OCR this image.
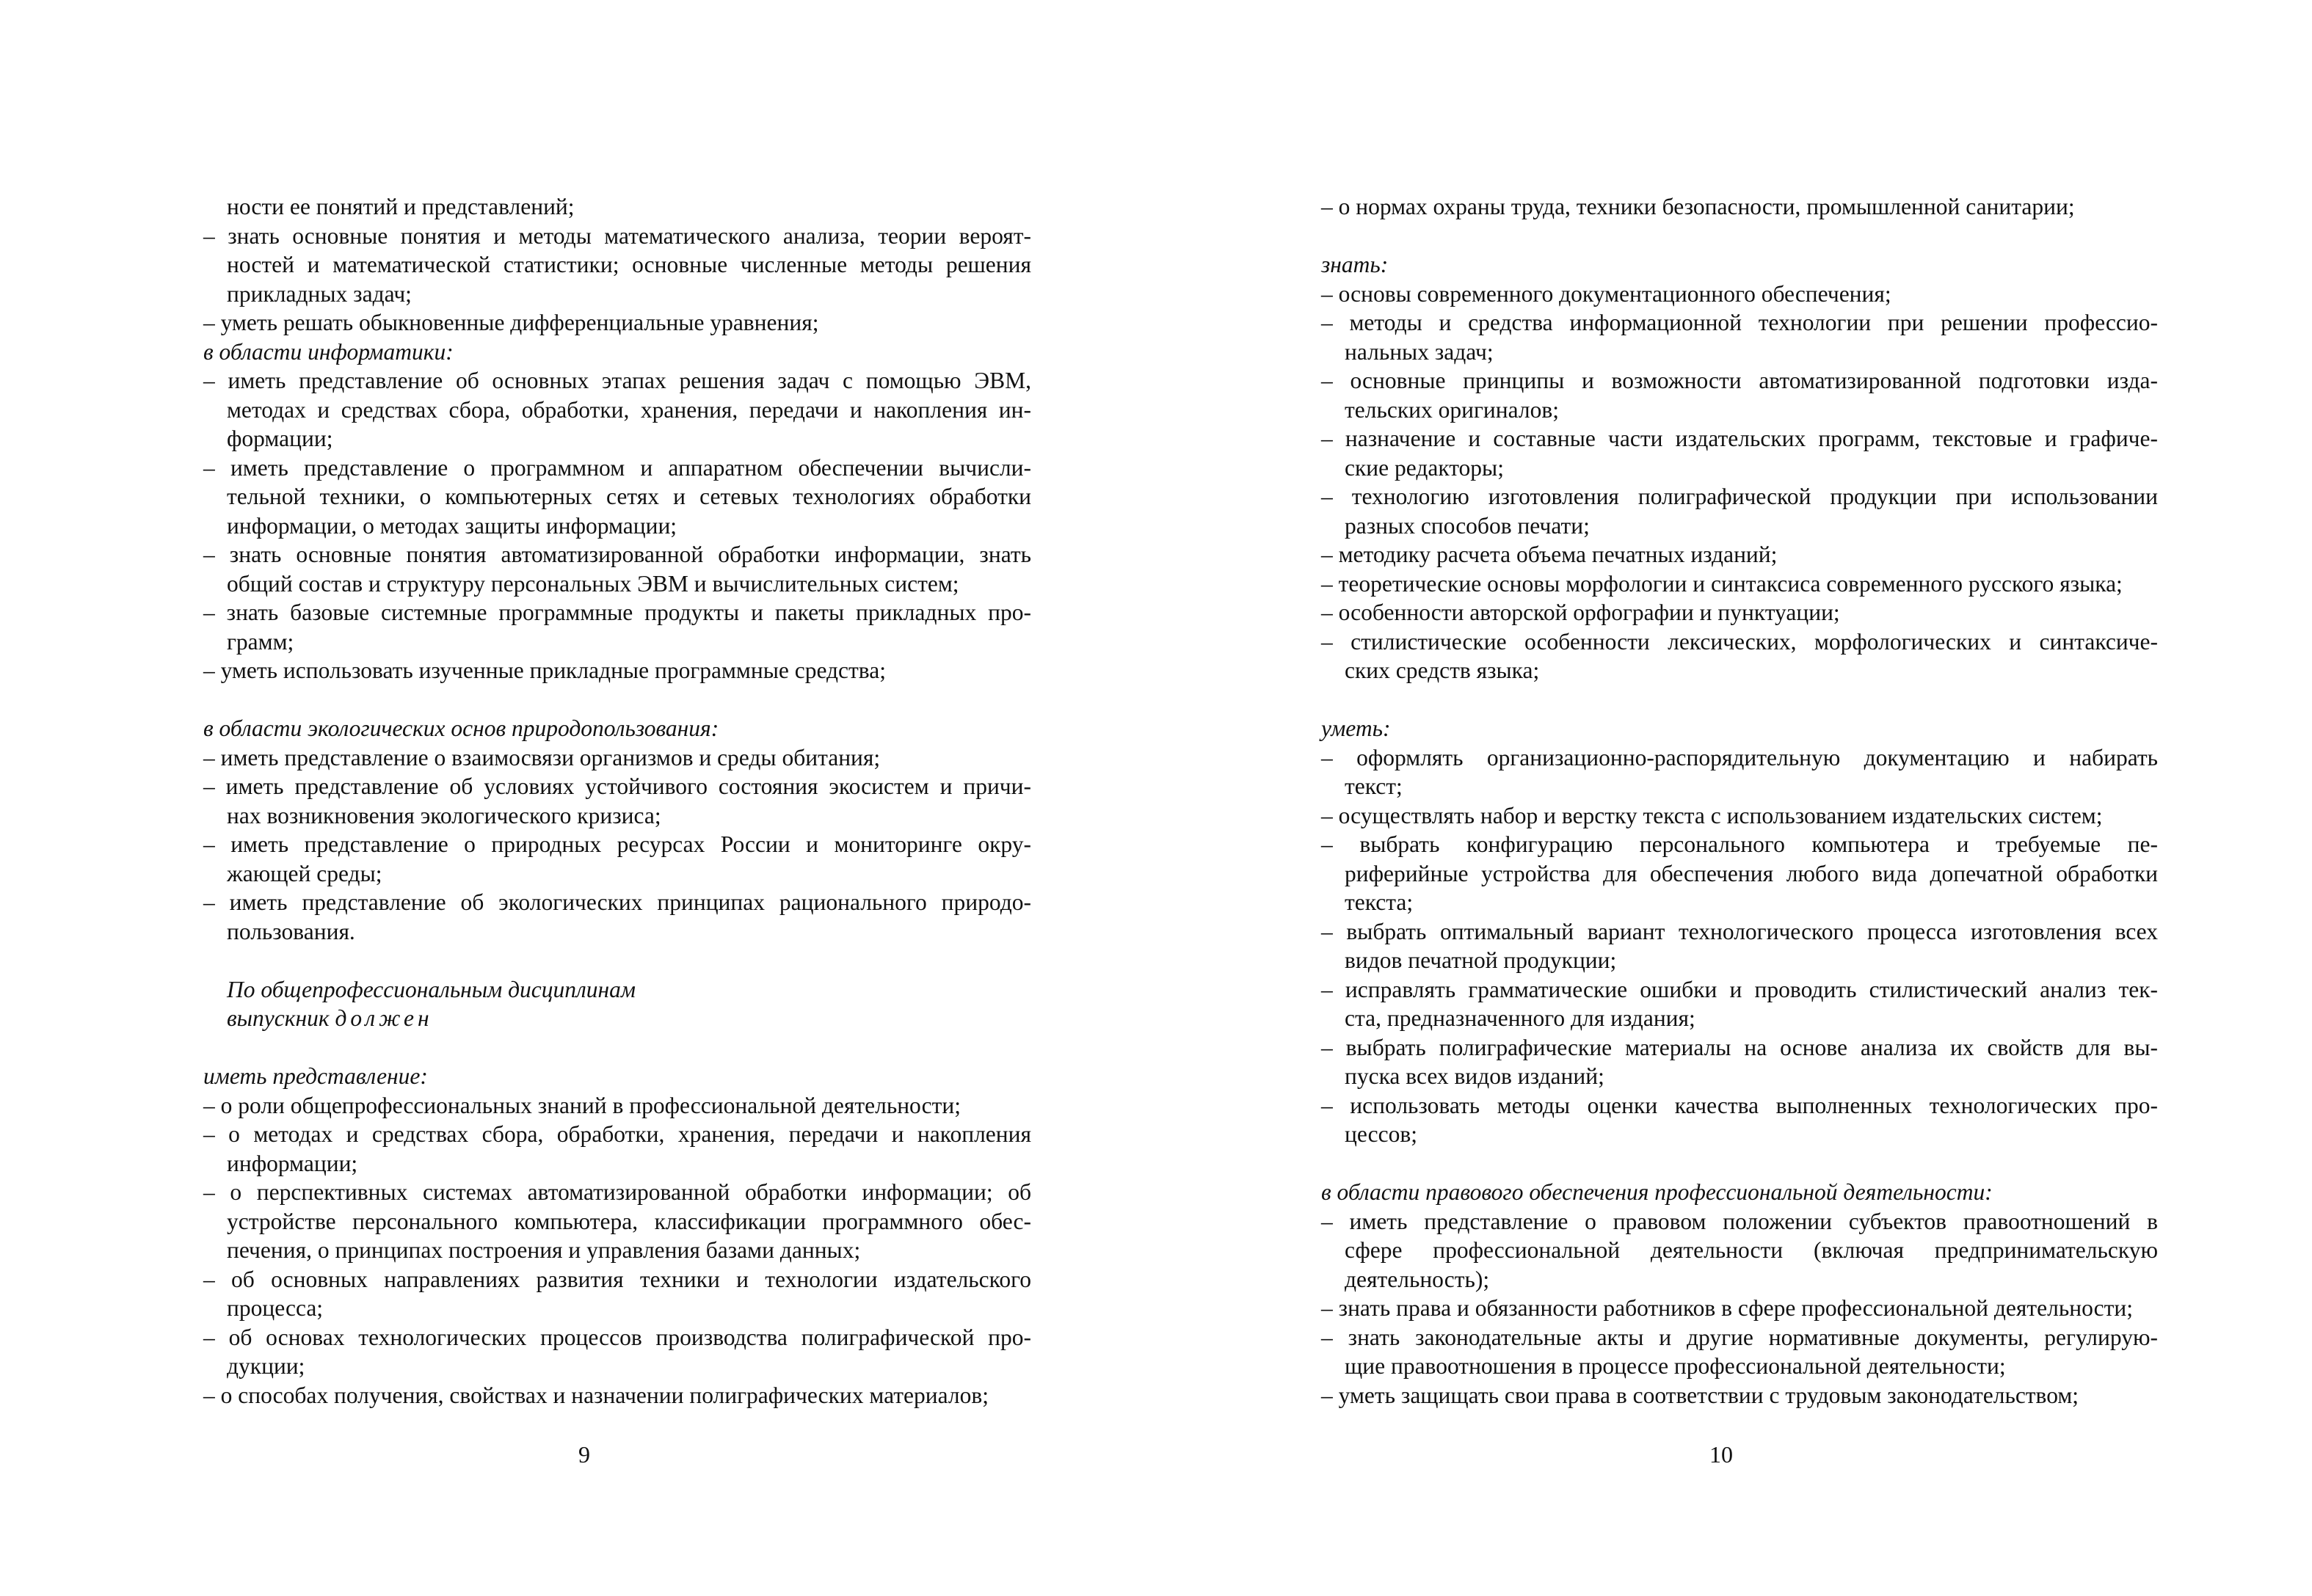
ности ее понятий и представлений;
– знать основные понятия и методы математического анализа, теории вероят-
ностей и математической статистики; основные численные методы решения
прикладных задач;
– уметь решать обыкновенные дифференциальные уравнения;
в области информатики:
– иметь представление об основных этапах решения задач с помощью ЭВМ,
методах и средствах сбора, обработки, хранения, передачи и накопления ин-
формации;
– иметь представление о программном и аппаратном обеспечении вычисли-
тельной техники, о компьютерных сетях и сетевых технологиях обработки
информации, о методах защиты информации;
– знать основные понятия автоматизированной обработки информации, знать
общий состав и структуру персональных ЭВМ и вычислительных систем;
– знать базовые системные программные продукты и пакеты прикладных про-
грамм;
– уметь использовать изученные прикладные программные средства;
в области экологических основ природопользования:
– иметь представление о взаимосвязи организмов и среды обитания;
– иметь представление об условиях устойчивого состояния экосистем и причи-
нах возникновения экологического кризиса;
– иметь представление о природных ресурсах России и мониторинге окру-
жающей среды;
– иметь представление об экологических принципах рационального природо-
пользования.
По общепрофессиональным дисциплинам
выпускник должен
иметь представление:
– о роли общепрофессиональных знаний в профессиональной деятельности;
– о методах и средствах сбора, обработки, хранения, передачи и накопления
информации;
– о перспективных системах автоматизированной обработки информации; об
устройстве персонального компьютера, классификации программного обес-
печения, о принципах построения и управления базами данных;
– об основных направлениях развития техники и технологии издательского
процесса;
– об основах технологических процессов производства полиграфической про-
дукции;
– о способах получения, свойствах и назначении полиграфических материалов;
– о нормах охраны труда, техники безопасности, промышленной санитарии;
знать:
– основы современного документационного обеспечения;
– методы и средства информационной технологии при решении профессио-
нальных задач;
– основные принципы и возможности автоматизированной подготовки изда-
тельских оригиналов;
– назначение и составные части издательских программ, текстовые и графиче-
ские редакторы;
– технологию изготовления полиграфической продукции при использовании
разных способов печати;
– методику расчета объема печатных изданий;
– теоретические основы морфологии и синтаксиса современного русского языка;
– особенности авторской орфографии и пунктуации;
– стилистические особенности лексических, морфологических и синтаксиче-
ских средств языка;
уметь:
– оформлять организационно-распорядительную документацию и набирать
текст;
– осуществлять набор и верстку текста с использованием издательских систем;
– выбрать конфигурацию персонального компьютера и требуемые пе-
риферийные устройства для обеспечения любого вида допечатной обработки
текста;
– выбрать оптимальный вариант технологического процесса изготовления всех
видов печатной продукции;
– исправлять грамматические ошибки и проводить стилистический анализ тек-
ста, предназначенного для издания;
– выбрать полиграфические материалы на основе анализа их свойств для вы-
пуска всех видов изданий;
– использовать методы оценки качества выполненных технологических про-
цессов;
в области правового обеспечения профессиональной деятельности:
– иметь представление о правовом положении субъектов правоотношений в
сфере профессиональной деятельности (включая предпринимательскую
деятельность);
– знать права и обязанности работников в сфере профессиональной деятельности;
– знать законодательные акты и другие нормативные документы, регулирую-
щие правоотношения в процессе профессиональной деятельности;
– уметь защищать свои права в соответствии с трудовым законодательством;
9	10
